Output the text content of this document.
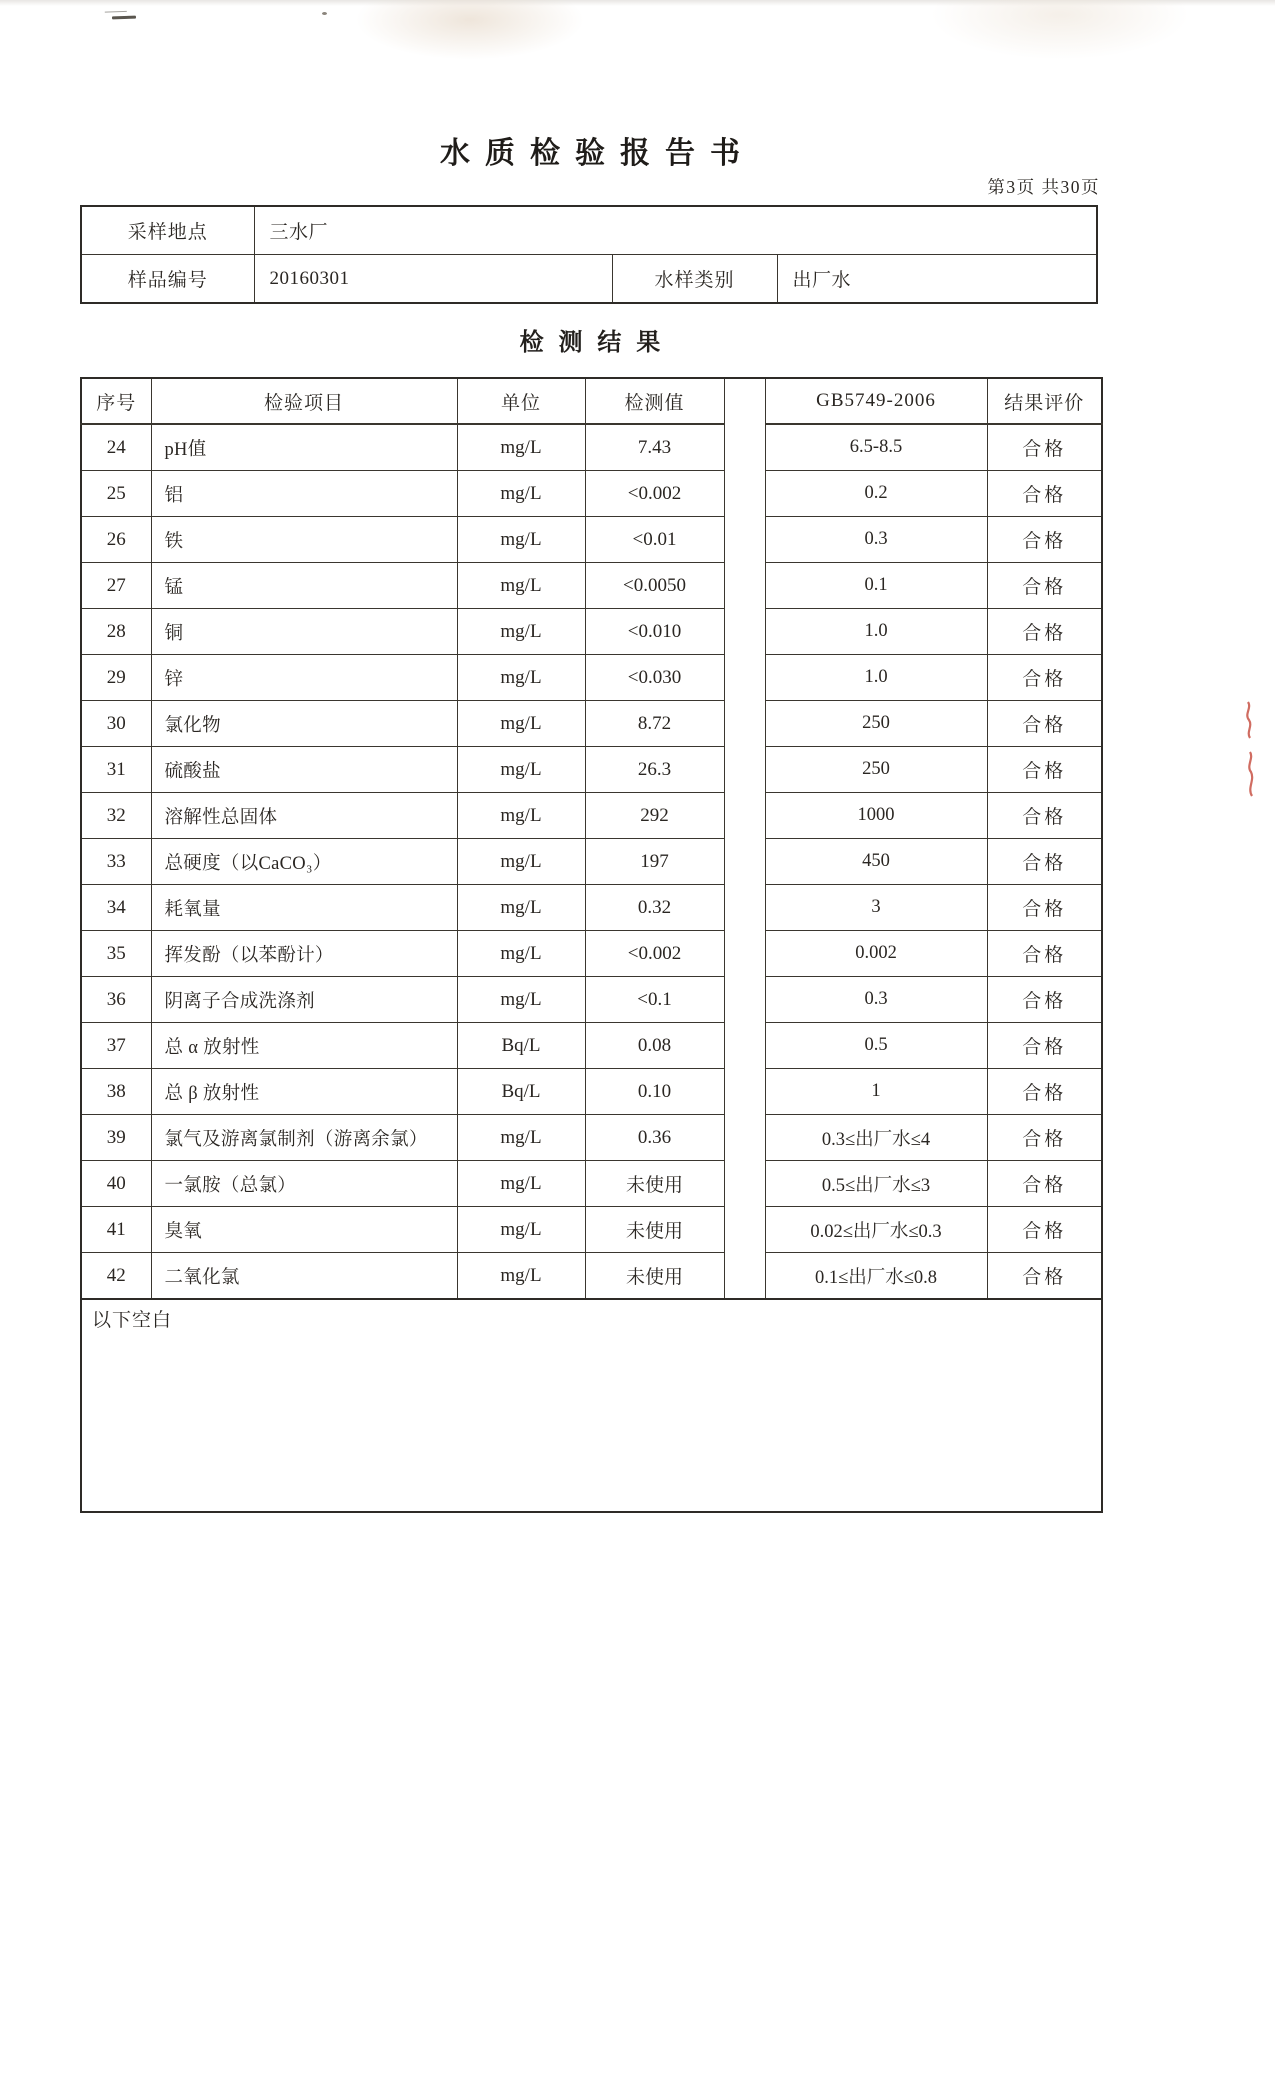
水质检验报告书
第3页 共30页
采样地点	三水厂		
样品编号	20160301	水样类别	出厂水
检测结果
序号	检验项目	单位	检测值		GB5749-2006	结果评价
24	pH值	mg/L	7.43		6.5-8.5	合格
25	铝	mg/L	<0.002		0.2	合格
26	铁	mg/L	<0.01		0.3	合格
27	锰	mg/L	<0.0050		0.1	合格
28	铜	mg/L	<0.010		1.0	合格
29	锌	mg/L	<0.030		1.0	合格
30	氯化物	mg/L	8.72		250	合格
31	硫酸盐	mg/L	26.3		250	合格
32	溶解性总固体	mg/L	292		1000	合格
33	总硬度（以CaCO₃）	mg/L	197		450	合格
34	耗氧量	mg/L	0.32		3	合格
35	挥发酚（以苯酚计）	mg/L	<0.002		0.002	合格
36	阴离子合成洗涤剂	mg/L	<0.1		0.3	合格
37	总 α 放射性	Bq/L	0.08		0.5	合格
38	总 β 放射性	Bq/L	0.10		1	合格
39	氯气及游离氯制剂（游离余氯）	mg/L	0.36		0.3≤出厂水≤4	合格
40	一氯胺（总氯）	mg/L	未使用		0.5≤出厂水≤3	合格
41	臭氧	mg/L	未使用		0.02≤出厂水≤0.3	合格
42	二氧化氯	mg/L	未使用		0.1≤出厂水≤0.8	合格
以下空白						
